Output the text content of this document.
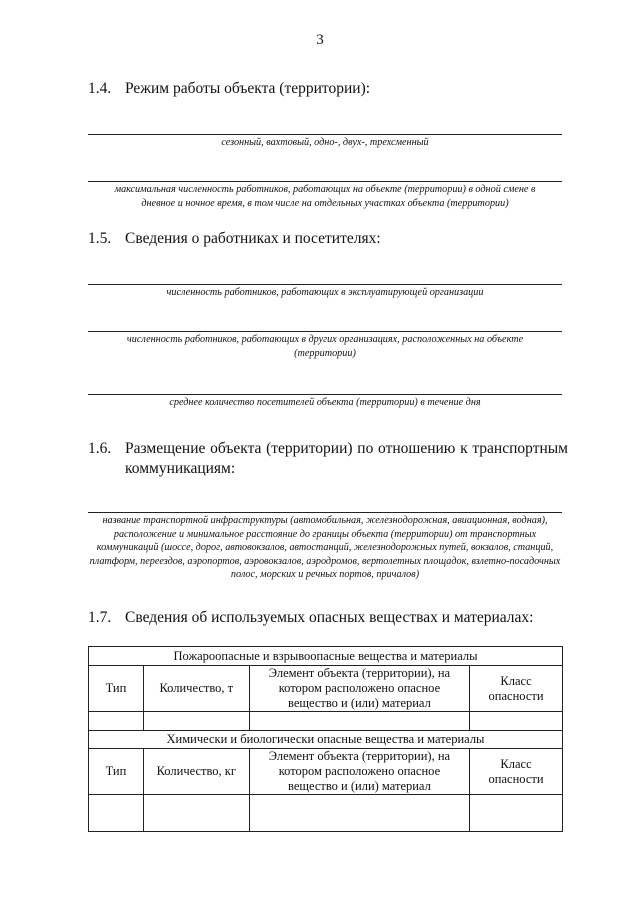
3
1.4. Режим работы объекта (территории):
сезонный, вахтовый, одно-, двух-, трехсменный
максимальная численность работников, работающих на объекте (территории) в одной смене в дневное и ночное время, в том числе на отдельных участках объекта (территории)
1.5. Сведения о работниках и посетителях:
численность работников, работающих в эксплуатирующей организации
численность работников, работающих в других организациях, расположенных на объекте (территории)
среднее количество посетителей объекта (территории) в течение дня
1.6. Размещение объекта (территории) по отношению к транспортным коммуникациям:
название транспортной инфраструктуры (автомобильная, железнодорожная, авиационная, водная), расположение и минимальное расстояние до границы объекта (территории) от транспортных коммуникаций (шоссе, дорог, автовокзалов, автостанций, железнодорожных путей, вокзалов, станций, платформ, переездов, аэропортов, аэровокзалов, аэродромов, вертолетных площадок, взлетно-посадочных полос, морских и речных портов, причалов)
1.7. Сведения об используемых опасных веществах и материалах:
Пожароопасные и взрывоопасные вещества и материалы			
Тип	Количество, т	Элемент объекта (территории), на котором расположено опасное вещество и (или) материал	Класс опасности

Химически и биологически опасные вещества и материалы			
Тип	Количество, кг	Элемент объекта (территории), на котором расположено опасное вещество и (или) материал	Класс опасности
